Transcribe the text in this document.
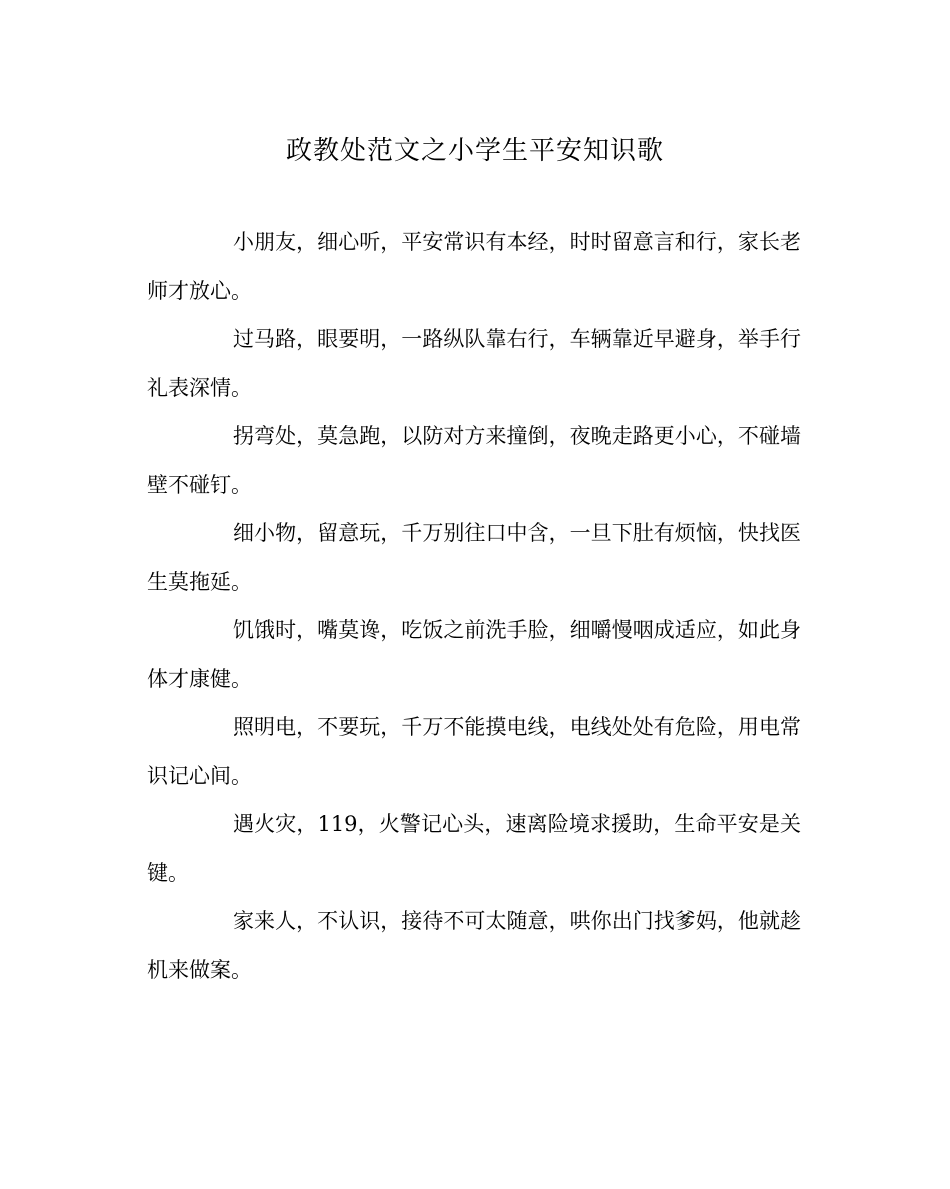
政教处范文之小学生平安知识歌

小朋友，细心听，平安常识有本经，时时留意言和行，家长老师才放心。

过马路，眼要明，一路纵队靠右行，车辆靠近早避身，举手行礼表深情。

拐弯处，莫急跑，以防对方来撞倒，夜晚走路更小心，不碰墙壁不碰钉。

细小物，留意玩，千万别往口中含，一旦下肚有烦恼，快找医生莫拖延。

饥饿时，嘴莫谗，吃饭之前洗手脸，细嚼慢咽成适应，如此身体才康健。

照明电，不要玩，千万不能摸电线，电线处处有危险，用电常识记心间。

遇火灾，119，火警记心头，速离险境求援助，生命平安是关键。

家来人，不认识，接待不可太随意，哄你出门找爹妈，他就趁机来做案。
